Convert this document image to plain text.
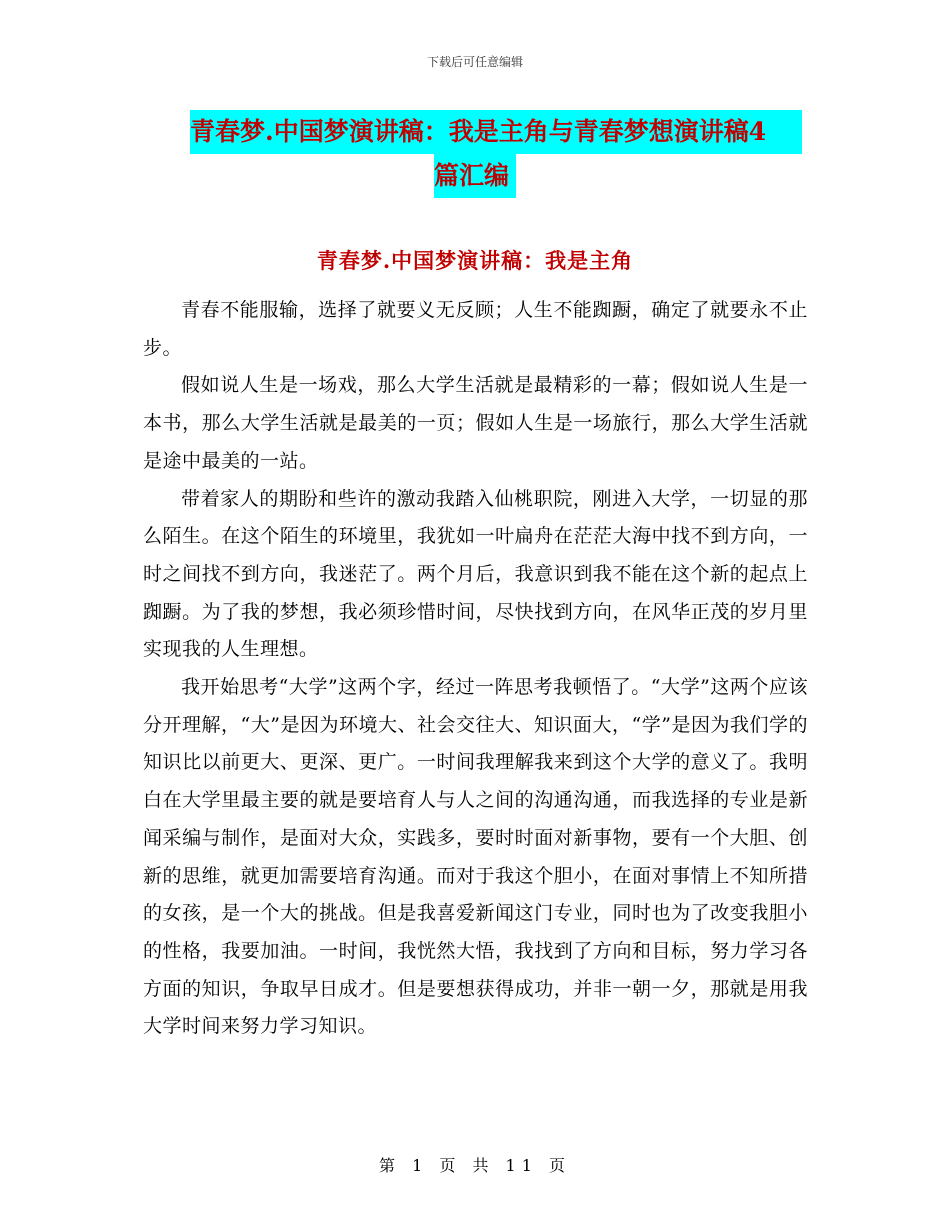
下载后可任意编辑
青春梦.中国梦演讲稿：我是主角与青春梦想演讲稿4
篇汇编
青春梦.中国梦演讲稿：我是主角

青春不能服输，选择了就要义无反顾；人生不能踟蹰，确定了就要永不止步。

假如说人生是一场戏，那么大学生活就是最精彩的一幕；假如说人生是一本书，那么大学生活就是最美的一页；假如人生是一场旅行，那么大学生活就是途中最美的一站。

带着家人的期盼和些许的激动我踏入仙桃职院，刚进入大学，一切显的那么陌生。在这个陌生的环境里，我犹如一叶扁舟在茫茫大海中找不到方向，一时之间找不到方向，我迷茫了。两个月后，我意识到我不能在这个新的起点上踟蹰。为了我的梦想，我必须珍惜时间，尽快找到方向，在风华正茂的岁月里实现我的人生理想。

我开始思考“大学”这两个字，经过一阵思考我顿悟了。“大学”这两个应该分开理解，“大”是因为环境大、社会交往大、知识面大，“学”是因为我们学的知识比以前更大、更深、更广。一时间我理解我来到这个大学的意义了。我明白在大学里最主要的就是要培育人与人之间的沟通沟通，而我选择的专业是新闻采编与制作，是面对大众，实践多，要时时面对新事物，要有一个大胆、创新的思维，就更加需要培育沟通。而对于我这个胆小，在面对事情上不知所措的女孩，是一个大的挑战。但是我喜爱新闻这门专业，同时也为了改变我胆小的性格，我要加油。一时间，我恍然大悟，我找到了方向和目标，努力学习各方面的知识，争取早日成才。但是要想获得成功，并非一朝一夕，那就是用我大学时间来努力学习知识。

第 1 页 共 11 页
